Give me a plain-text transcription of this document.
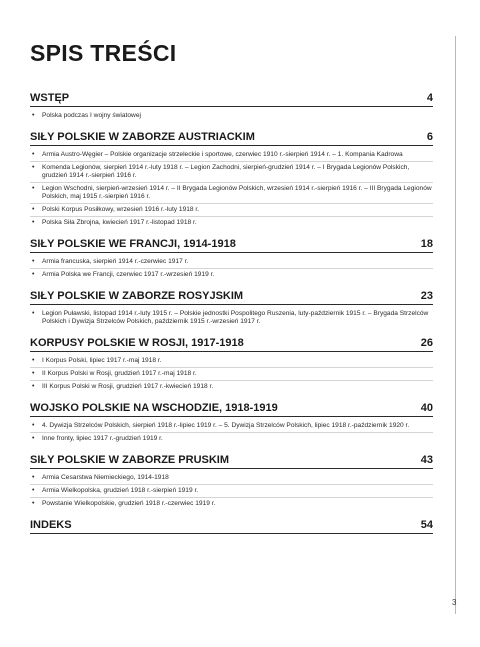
SPIS TREŚCI
WSTĘP	4
• Polska podczas I wojny światowej
SIŁY POLSKIE W ZABORZE AUSTRIACKIM	6
• Armia Austro-Węgier – Polskie organizacje strzeleckie i sportowe, czerwiec 1910 r.-sierpień 1914 r. – 1. Kompania Kadrowa
• Komenda Legionów, sierpień 1914 r.-luty 1918 r. – Legion Zachodni, sierpień-grudzień 1914 r. – I Brygada Legionów Polskich, grudzień 1914 r.-sierpień 1916 r.
• Legion Wschodni, sierpień-wrzesień 1914 r. – II Brygada Legionów Polskich, wrzesień 1914 r.-sierpień 1916 r. – III Brygada Legionów Polskich, maj 1915 r.-sierpień 1916 r.
• Polski Korpus Posiłkowy, wrzesień 1916 r.-luty 1918 r.
• Polska Siła Zbrojna, kwiecień 1917 r.-listopad 1918 r.
SIŁY POLSKIE WE FRANCJI, 1914-1918	18
• Armia francuska, sierpień 1914 r.-czerwiec 1917 r.
• Armia Polska we Francji, czerwiec 1917 r.-wrzesień 1919 r.
SIŁY POLSKIE W ZABORZE ROSYJSKIM	23
• Legion Puławski, listopad 1914 r.-luty 1915 r. – Polskie jednostki Pospolitego Ruszenia, luty-październik 1915 r. – Brygada Strzelców Polskich i Dywizja Strzelców Polskich, październik 1915 r.-wrzesień 1917 r.
KORPUSY POLSKIE W ROSJI, 1917-1918	26
• I Korpus Polski, lipiec 1917 r.-maj 1918 r.
• II Korpus Polski w Rosji, grudzień 1917 r.-maj 1918 r.
• III Korpus Polski w Rosji, grudzień 1917 r.-kwiecień 1918 r.
WOJSKO POLSKIE NA WSCHODZIE, 1918-1919	40
• 4. Dywizja Strzelców Polskich, sierpień 1918 r.-lipiec 1919 r. – 5. Dywizja Strzelców Polskich, lipiec 1918 r.-październik 1920 r.
• Inne fronty, lipiec 1917 r.-grudzień 1919 r.
SIŁY POLSKIE W ZABORZE PRUSKIM	43
• Armia Cesarstwa Niemieckiego, 1914-1918
• Armia Wielkopolska, grudzień 1918 r.-sierpień 1919 r.
• Powstanie Wielkopolskie, grudzień 1918 r.-czerwiec 1919 r.
INDEKS	54
3
